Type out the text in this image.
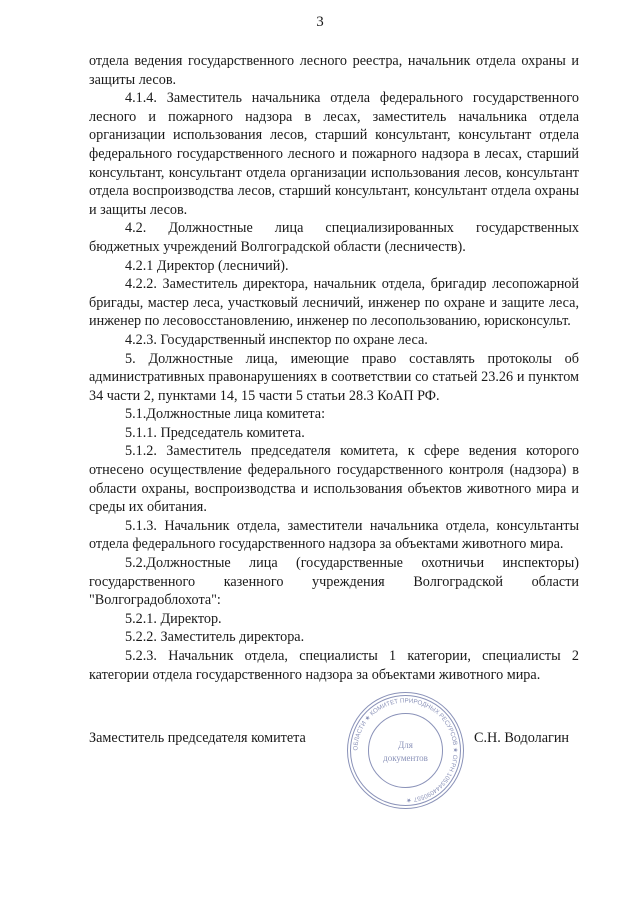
3

отдела ведения государственного лесного реестра, начальник отдела охраны и защиты лесов.

4.1.4. Заместитель начальника отдела федерального государственного лесного и пожарного надзора в лесах, заместитель начальника отдела организации использования лесов, старший консультант, консультант отдела федерального государственного лесного и пожарного надзора в лесах, старший консультант, консультант отдела организации использования лесов, консультант отдела воспроизводства лесов, старший консультант, консультант отдела охраны и защиты лесов.

4.2. Должностные лица специализированных государственных бюджетных учреждений Волгоградской области (лесничеств).

4.2.1 Директор (лесничий).

4.2.2. Заместитель директора, начальник отдела, бригадир лесопожарной бригады, мастер леса, участковый лесничий, инженер по охране и защите леса, инженер по лесовосстановлению, инженер по лесопользованию, юрисконсульт.

4.2.3. Государственный инспектор по охране леса.

5. Должностные лица, имеющие право составлять протоколы об административных правонарушениях в соответствии со статьей 23.26 и пунктом 34 части 2, пунктами 14, 15 части 5 статьи 28.3 КоАП РФ.

5.1.Должностные лица комитета:

5.1.1. Председатель комитета.

5.1.2. Заместитель председателя комитета, к сфере ведения которого отнесено осуществление федерального государственного контроля (надзора) в области охраны, воспроизводства и использования объектов животного мира и среды их обитания.

5.1.3. Начальник отдела, заместители начальника отдела, консультанты отдела федерального государственного надзора за объектами животного мира.

5.2.Должностные лица (государственные охотничьи инспекторы) государственного казенного учреждения Волгоградской области "Волгоградоблохота":

5.2.1. Директор.

5.2.2. Заместитель директора.

5.2.3. Начальник отдела, специалисты 1 категории, специалисты 2 категории отдела государственного надзора за объектами животного мира.

Заместитель председателя комитета	С.Н. Водолагин
ОБЛАСТИ ★ КОМИТЕТ ПРИРОДНЫХ РЕСУРСОВ ★ ОГРН 1053444090557 ★
Для
документов
